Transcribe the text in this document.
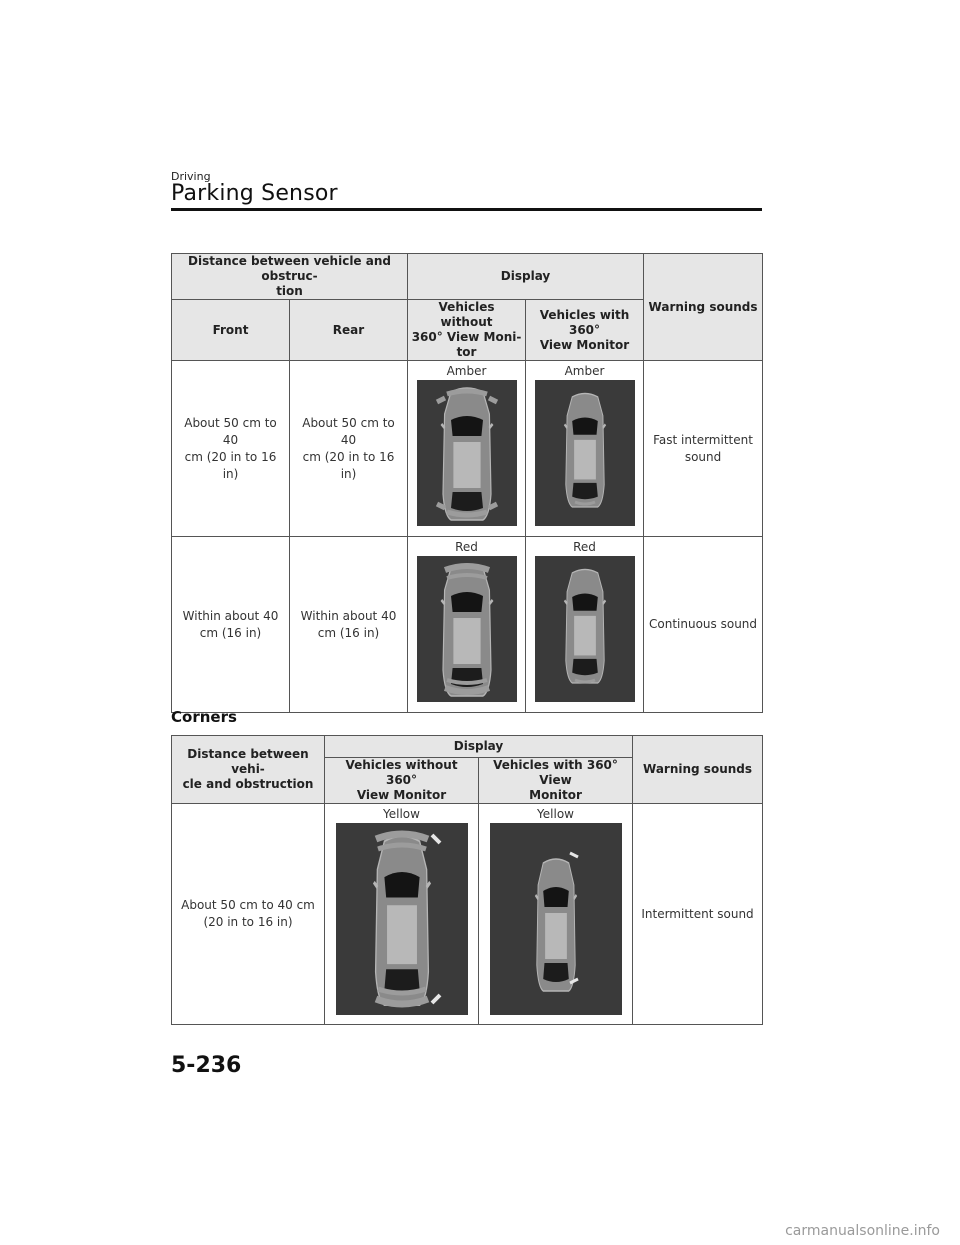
Driving
Parking Sensor
Distance between vehicle and obstruc-
tion		Display		Warning sounds
Front	Rear	Vehicles without
360° View Moni-
tor	Vehicles with 360°
View Monitor	
About 50 cm to 40
cm (20 in to 16 in)	About 50 cm to 40
cm (20 in to 16 in)	Amber	Amber	Fast intermittent
sound
Within about 40
cm (16 in)	Within about 40
cm (16 in)	Red	Red	Continuous sound
Corners
Distance between vehi-
cle and obstruction	Display		Warning sounds
	Vehicles without 360°
View Monitor	Vehicles with 360° View
Monitor	
About 50 cm to 40 cm
(20 in to 16 in)	Yellow	Yellow	Intermittent sound
5-236
carmanualsonline.info
